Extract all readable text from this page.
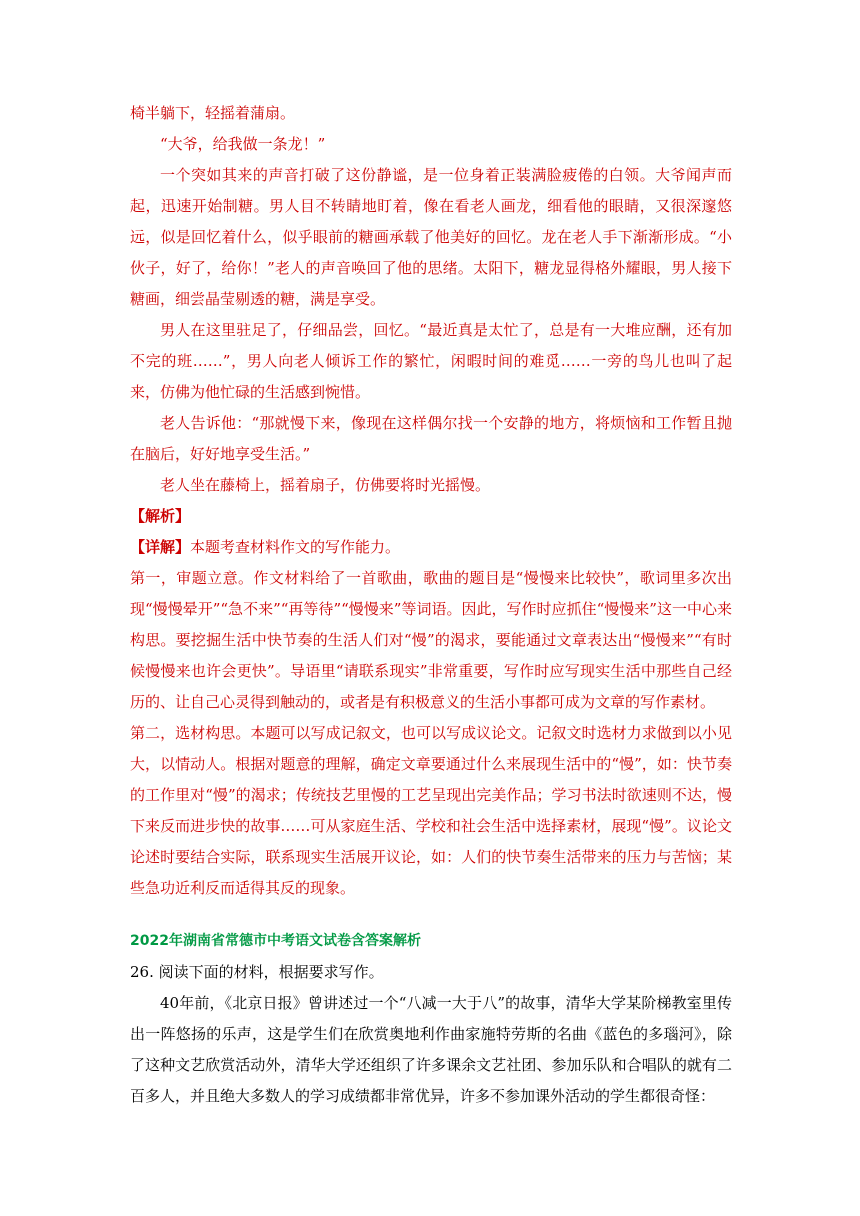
椅半躺下，轻摇着蒲扇。

“大爷，给我做一条龙！”

一个突如其来的声音打破了这份静谧，是一位身着正装满脸疲倦的白领。大爷闻声而起，迅速开始制糖。男人目不转睛地盯着，像在看老人画龙，细看他的眼睛，又很深邃悠远，似是回忆着什么，似乎眼前的糖画承载了他美好的回忆。龙在老人手下渐渐形成。“小伙子，好了，给你！”老人的声音唤回了他的思绪。太阳下，糖龙显得格外耀眼，男人接下糖画，细尝晶莹剔透的糖，满是享受。

男人在这里驻足了，仔细品尝，回忆。“最近真是太忙了，总是有一大堆应酬，还有加不完的班……”，男人向老人倾诉工作的繁忙，闲暇时间的难觅……一旁的鸟儿也叫了起来，仿佛为他忙碌的生活感到惋惜。

老人告诉他：“那就慢下来，像现在这样偶尔找一个安静的地方，将烦恼和工作暂且抛在脑后，好好地享受生活。”

老人坐在藤椅上，摇着扇子，仿佛要将时光摇慢。

【解析】

【详解】本题考查材料作文的写作能力。

第一，审题立意。作文材料给了一首歌曲，歌曲的题目是“慢慢来比较快”，歌词里多次出现“慢慢晕开”“急不来”“再等待”“慢慢来”等词语。因此，写作时应抓住“慢慢来”这一中心来构思。要挖掘生活中快节奏的生活人们对“慢”的渴求，要能通过文章表达出“慢慢来”“有时候慢慢来也许会更快”。导语里“请联系现实”非常重要，写作时应写现实生活中那些自己经历的、让自己心灵得到触动的，或者是有积极意义的生活小事都可成为文章的写作素材。

第二，选材构思。本题可以写成记叙文，也可以写成议论文。记叙文时选材力求做到以小见大，以情动人。根据对题意的理解，确定文章要通过什么来展现生活中的“慢”，如：快节奏的工作里对“慢”的渴求；传统技艺里慢的工艺呈现出完美作品；学习书法时欲速则不达，慢下来反而进步快的故事……可从家庭生活、学校和社会生活中选择素材，展现“慢”。议论文论述时要结合实际，联系现实生活展开议论，如：人们的快节奏生活带来的压力与苦恼；某些急功近利反而适得其反的现象。

2022年湖南省常德市中考语文试卷含答案解析

26. 阅读下面的材料，根据要求写作。

40年前，《北京日报》曾讲述过一个“八减一大于八”的故事，清华大学某阶梯教室里传出一阵悠扬的乐声，这是学生们在欣赏奥地利作曲家施特劳斯的名曲《蓝色的多瑙河》，除了这种文艺欣赏活动外，清华大学还组织了许多课余文艺社团、参加乐队和合唱队的就有二百多人，并且绝大多数人的学习成绩都非常优异，许多不参加课外活动的学生都很奇怪：
